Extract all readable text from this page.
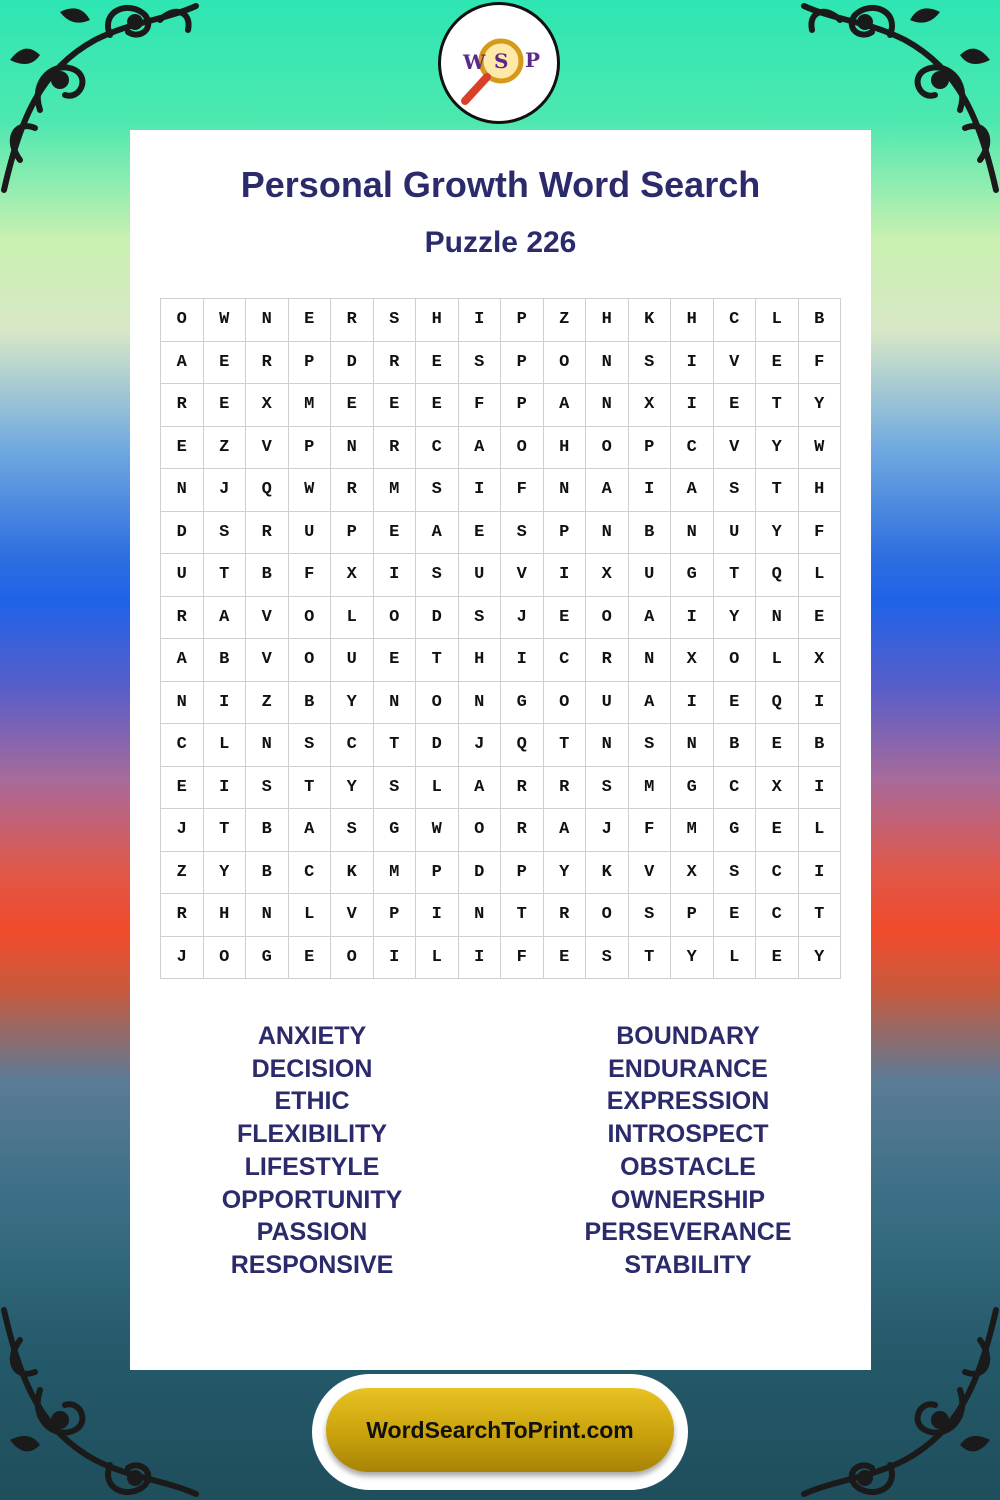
W S P
Personal Growth Word Search
Puzzle 226
O	W	N	E	R	S	H	I	P	Z	H	K	H	C	L	B
A	E	R	P	D	R	E	S	P	O	N	S	I	V	E	F
R	E	X	M	E	E	E	F	P	A	N	X	I	E	T	Y
E	Z	V	P	N	R	C	A	O	H	O	P	C	V	Y	W
N	J	Q	W	R	M	S	I	F	N	A	I	A	S	T	H
D	S	R	U	P	E	A	E	S	P	N	B	N	U	Y	F
U	T	B	F	X	I	S	U	V	I	X	U	G	T	Q	L
R	A	V	O	L	O	D	S	J	E	O	A	I	Y	N	E
A	B	V	O	U	E	T	H	I	C	R	N	X	O	L	X
N	I	Z	B	Y	N	O	N	G	O	U	A	I	E	Q	I
C	L	N	S	C	T	D	J	Q	T	N	S	N	B	E	B
E	I	S	T	Y	S	L	A	R	R	S	M	G	C	X	I
J	T	B	A	S	G	W	O	R	A	J	F	M	G	E	L
Z	Y	B	C	K	M	P	D	P	Y	K	V	X	S	C	I
R	H	N	L	V	P	I	N	T	R	O	S	P	E	C	T
J	O	G	E	O	I	L	I	F	E	S	T	Y	L	E	Y
ANXIETY
DECISION
ETHIC
FLEXIBILITY
LIFESTYLE
OPPORTUNITY
PASSION
RESPONSIVE
BOUNDARY
ENDURANCE
EXPRESSION
INTROSPECT
OBSTACLE
OWNERSHIP
PERSEVERANCE
STABILITY
WordSearchToPrint.com
